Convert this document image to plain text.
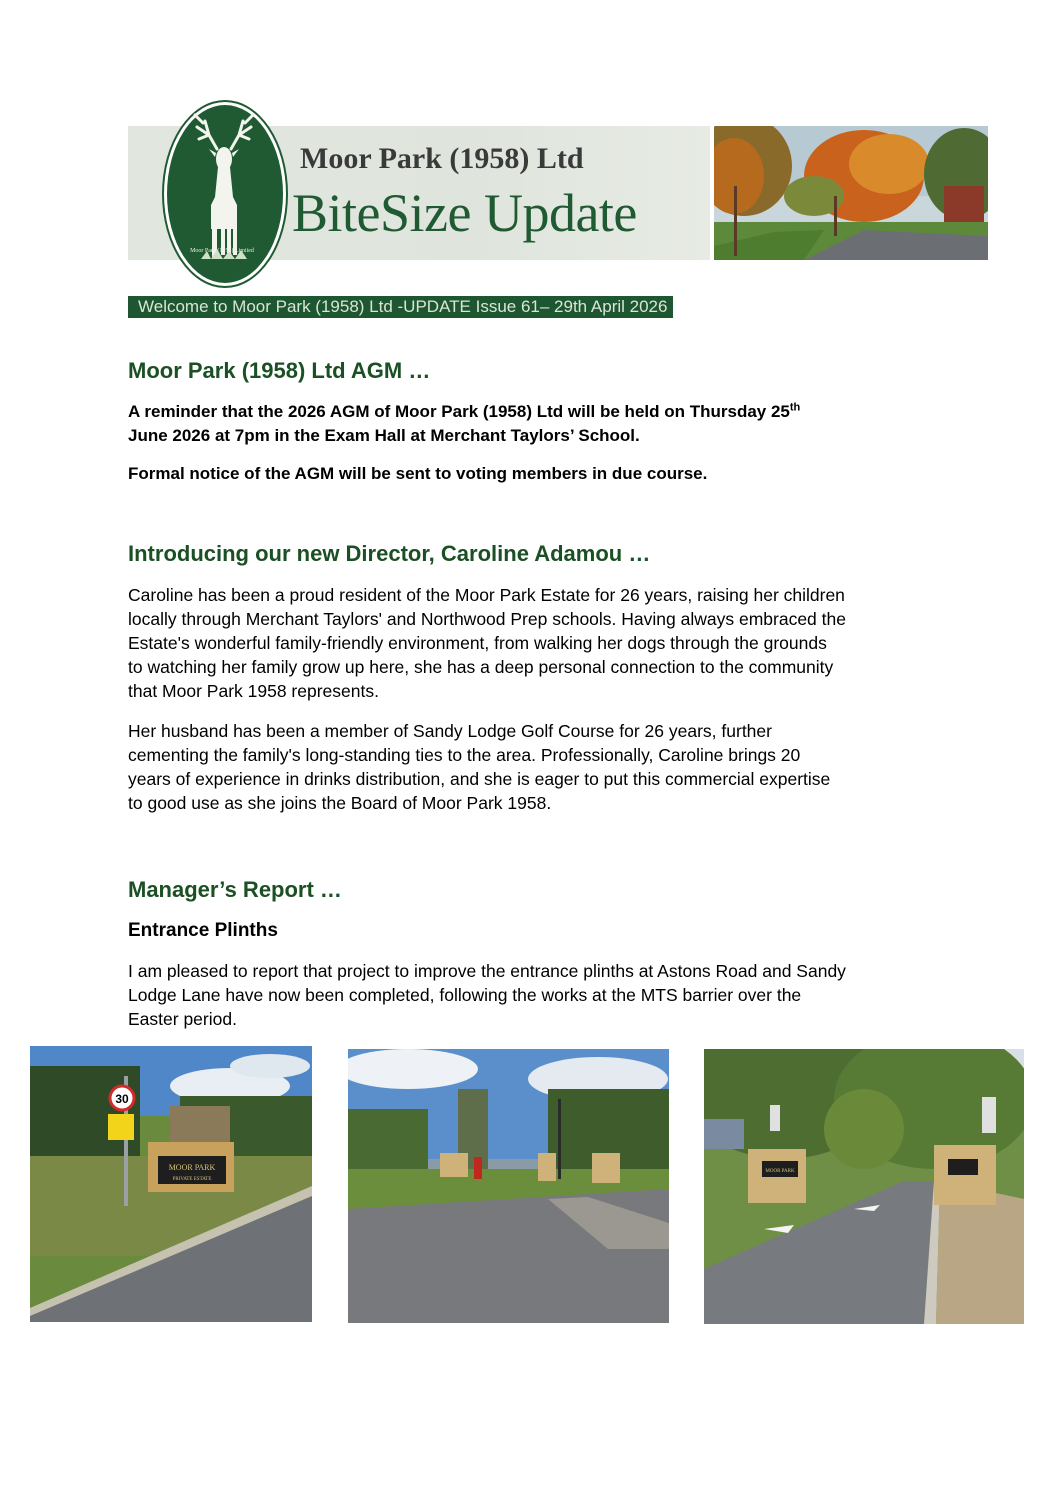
Moor Park (1958) Limited
Moor Park (1958) Ltd
BiteSize Update
Welcome to Moor Park (1958) Ltd -UPDATE Issue 61– 29th April 2026
Moor Park (1958) Ltd AGM …

A reminder that the 2026 AGM of Moor Park (1958) Ltd will be held on Thursday 25th
June 2026 at 7pm in the Exam Hall at Merchant Taylors’ School.

Formal notice of the AGM will be sent to voting members in due course.

Introducing our new Director, Caroline Adamou …

Caroline has been a proud resident of the Moor Park Estate for 26 years, raising her children
locally through Merchant Taylors' and Northwood Prep schools. Having always embraced the
Estate's wonderful family-friendly environment, from walking her dogs through the grounds
to watching her family grow up here, she has a deep personal connection to the community
that Moor Park 1958 represents.

Her husband has been a member of Sandy Lodge Golf Course for 26 years, further
cementing the family's long-standing ties to the area. Professionally, Caroline brings 20
years of experience in drinks distribution, and she is eager to put this commercial expertise
to good use as she joins the Board of Moor Park 1958.

Manager’s Report …
Entrance Plinths

I am pleased to report that project to improve the entrance plinths at Astons Road and Sandy
Lodge Lane have now been completed, following the works at the MTS barrier over the
Easter period.

30
MOOR PARK
PRIVATE ESTATE
MOOR PARK
